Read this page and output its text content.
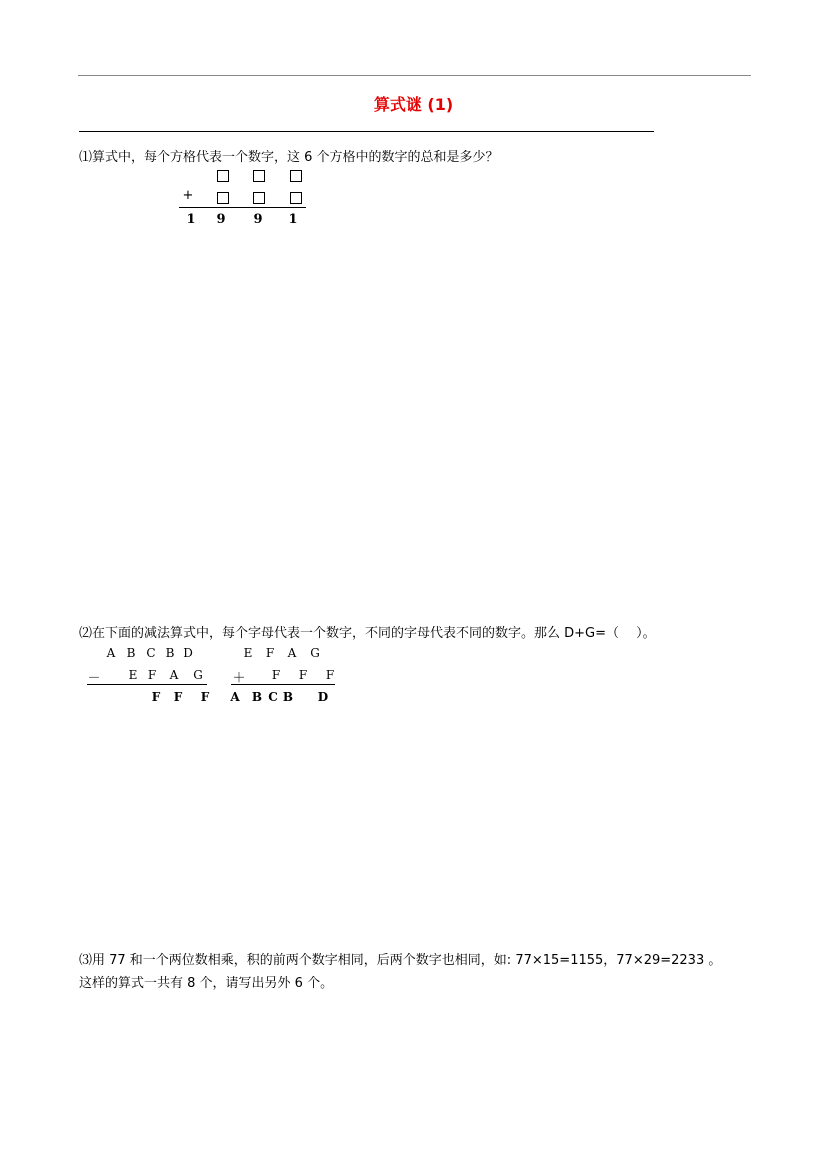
算式谜 (1)
⑴算式中，每个方格代表一个数字，这 6 个方格中的数字的总和是多少？
+
1 9 9 1
⑵在下面的减法算式中，每个字母代表一个数字，不同的字母代表不同的数字。那么 D+G=（　 ）。
A B C B D
－	E F	A	G
F	F	F
E	F	A	G
＋	F	F	F
A B C B D
⑶用 77 和一个两位数相乘，积的前两个数字相同，后两个数字也相同，如: 77×15=1155，77×29=2233 。
这样的算式一共有 8 个，请写出另外 6 个。
